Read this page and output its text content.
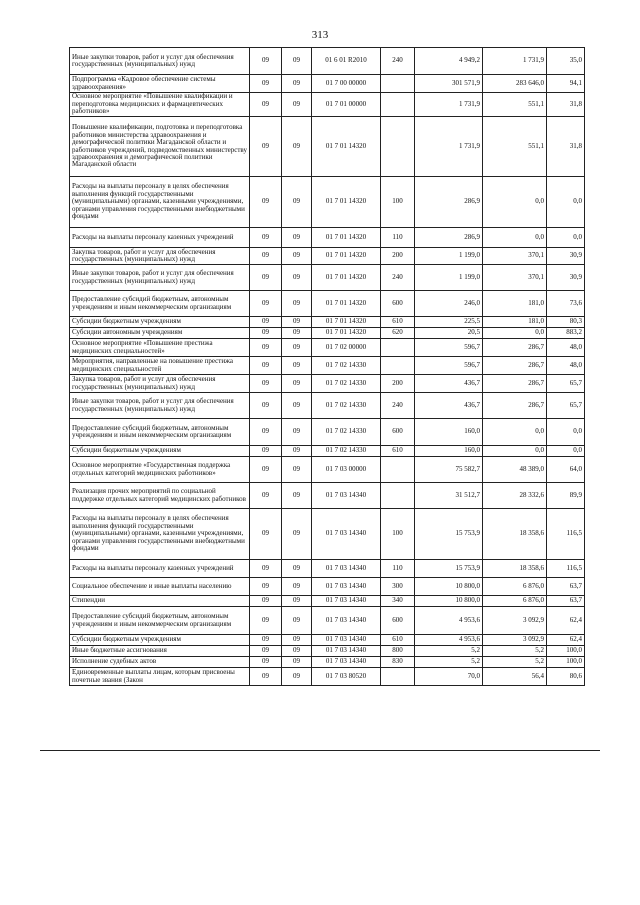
313
Иные закупки товаров, работ и услуг для обеспечения государственных (муниципальных) нужд	09	09	01 6 01 R2010	240	4 949,2	1 731,9	35,0
Подпрограмма «Кадровое обеспечение системы здравоохранения»	09	09	01 7 00 00000		301 571,9	283 646,0	94,1
Основное мероприятие «Повышение квалификации и переподготовка медицинских и фармацевтических работников»	09	09	01 7 01 00000		1 731,9	551,1	31,8
Повышение квалификации, подготовка и переподготовка работников министерства здравоохранения и демографической политики Магаданской области и работников учреждений, подведомственных министерству здравоохранения и демографической политики Магаданской области	09	09	01 7 01 14320		1 731,9	551,1	31,8
Расходы на выплаты персоналу в целях обеспечения выполнения функций государственными (муниципальными) органами, казенными учреждениями, органами управления государственными внебюджетными фондами	09	09	01 7 01 14320	100	286,9	0,0	0,0
Расходы на выплаты персоналу казенных учреждений	09	09	01 7 01 14320	110	286,9	0,0	0,0
Закупка товаров, работ и услуг для обеспечения государственных (муниципальных) нужд	09	09	01 7 01 14320	200	1 199,0	370,1	30,9
Иные закупки товаров, работ и услуг для обеспечения государственных (муниципальных) нужд	09	09	01 7 01 14320	240	1 199,0	370,1	30,9
Предоставление субсидий бюджетным, автономным учреждениям и иным некоммерческим организациям	09	09	01 7 01 14320	600	246,0	181,0	73,6
Субсидии бюджетным учреждениям	09	09	01 7 01 14320	610	225,5	181,0	80,3
Субсидии автономным учреждениям	09	09	01 7 01 14320	620	20,5	0,0	883,2
Основное мероприятие «Повышение престижа медицинских специальностей»	09	09	01 7 02 00000		596,7	286,7	48,0
Мероприятия, направленные на повышение престижа медицинских специальностей	09	09	01 7 02 14330		596,7	286,7	48,0
Закупка товаров, работ и услуг для обеспечения государственных (муниципальных) нужд	09	09	01 7 02 14330	200	436,7	286,7	65,7
Иные закупки товаров, работ и услуг для обеспечения государственных (муниципальных) нужд	09	09	01 7 02 14330	240	436,7	286,7	65,7
Предоставление субсидий бюджетным, автономным учреждениям и иным некоммерческим организациям	09	09	01 7 02 14330	600	160,0	0,0	0,0
Субсидии бюджетным учреждениям	09	09	01 7 02 14330	610	160,0	0,0	0,0
Основное мероприятие «Государственная поддержка отдельных категорий медицинских работников»	09	09	01 7 03 00000		75 582,7	48 389,0	64,0
Реализация прочих мероприятий по социальной поддержке отдельных категорий медицинских работников	09	09	01 7 03 14340		31 512,7	28 332,6	89,9
Расходы на выплаты персоналу в целях обеспечения выполнения функций государственными (муниципальными) органами, казенными учреждениями, органами управления государственными внебюджетными фондами	09	09	01 7 03 14340	100	15 753,9	18 358,6	116,5
Расходы на выплаты персоналу казенных учреждений	09	09	01 7 03 14340	110	15 753,9	18 358,6	116,5
Социальное обеспечение и иные выплаты населению	09	09	01 7 03 14340	300	10 800,0	6 876,0	63,7
Стипендии	09	09	01 7 03 14340	340	10 800,0	6 876,0	63,7
Предоставление субсидий бюджетным, автономным учреждениям и иным некоммерческим организациям	09	09	01 7 03 14340	600	4 953,6	3 092,9	62,4
Субсидии бюджетным учреждениям	09	09	01 7 03 14340	610	4 953,6	3 092,9	62,4
Иные бюджетные ассигнования	09	09	01 7 03 14340	800	5,2	5,2	100,0
Исполнение судебных актов	09	09	01 7 03 14340	830	5,2	5,2	100,0
Единовременные выплаты лицам, которым присвоены почетные звания (Закон	09	09	01 7 03 80520		70,0	56,4	80,6
